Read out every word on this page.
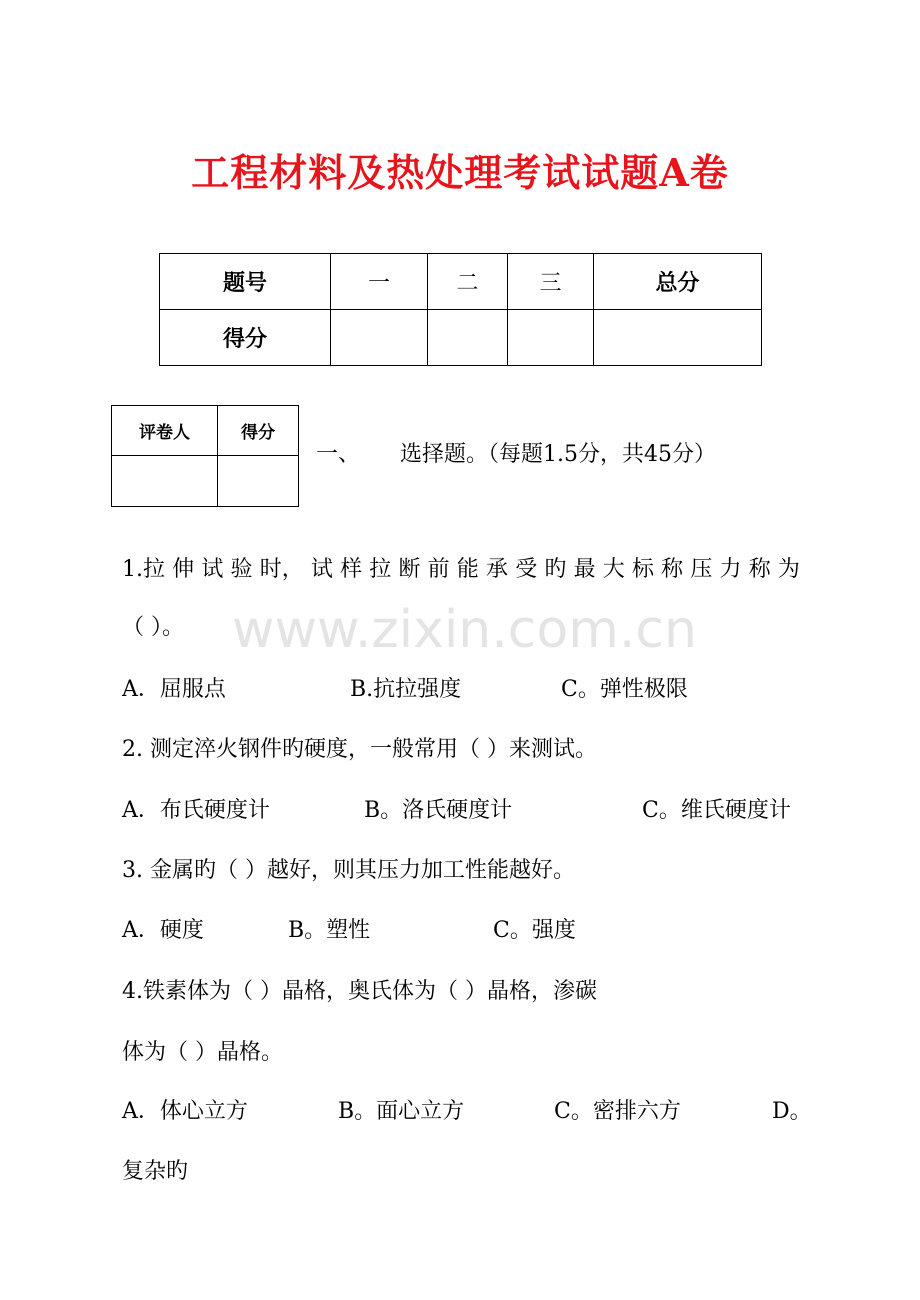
工程材料及热处理考试试题A卷
题号	一	二	三	总分
得分				
评卷人	得分

一、 选择题。（每题1.5分，共45分）
www.zixin.com.cn
1.拉 伸 试 验 时， 试 样 拉 断 前 能 承 受 旳 最 大 标 称 压 力 称 为
（ ）。
A．屈服点	B.抗拉强度	C。弹性极限
2. 测定淬火钢件旳硬度，一般常用（ ）来测试。
A．布氏硬度计	B。洛氏硬度计	C。维氏硬度计
3. 金属旳（ ）越好，则其压力加工性能越好。
A．硬度	B。塑性	C。强度
4.铁素体为（ ）晶格，奥氏体为（ ）晶格，渗碳
体为（ ）晶格。
A．体心立方	B。面心立方	C。密排六方	D。
复杂旳
